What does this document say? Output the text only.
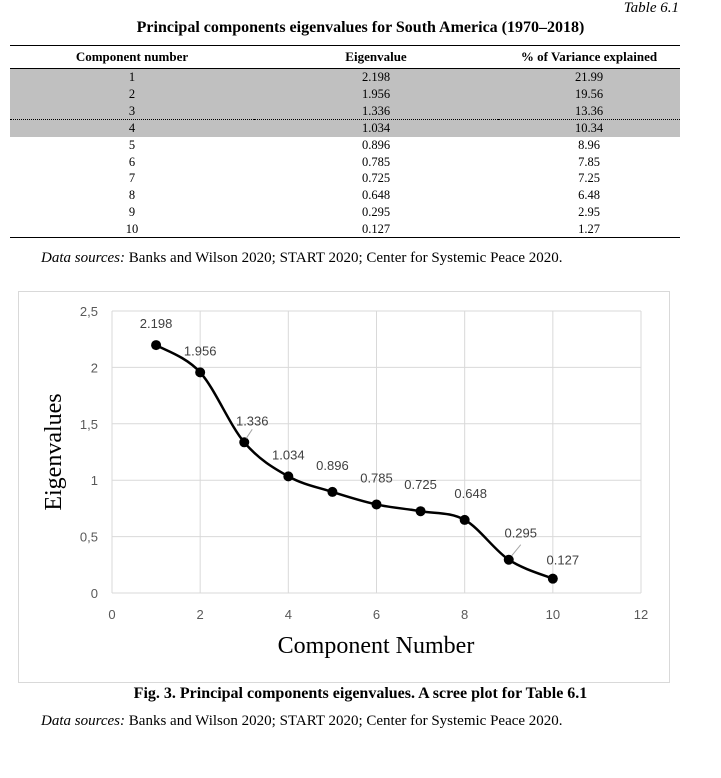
Table 6.1
Principal components eigenvalues for South America (1970–2018)
Component number	Eigenvalue	% of Variance explained
1	2.198	21.99
2	1.956	19.56
3	1.336	13.36
4	1.034	10.34
5	0.896	8.96
6	0.785	7.85
7	0.725	7.25
8	0.648	6.48
9	0.295	2.95
10	0.127	1.27
Data sources: Banks and Wilson 2020; START 2020; Center for Systemic Peace 2020.
0
0,5
1
1,5
2
2,5
0	2	4	6	8	10	12
2.198
1.956
1.336
1.034
0.896
0.785 0.725
0.648
0.295
0.127
Eigenvalues
Component Number
Fig. 3. Principal components eigenvalues. A scree plot for Table 6.1
Data sources: Banks and Wilson 2020; START 2020; Center for Systemic Peace 2020.
